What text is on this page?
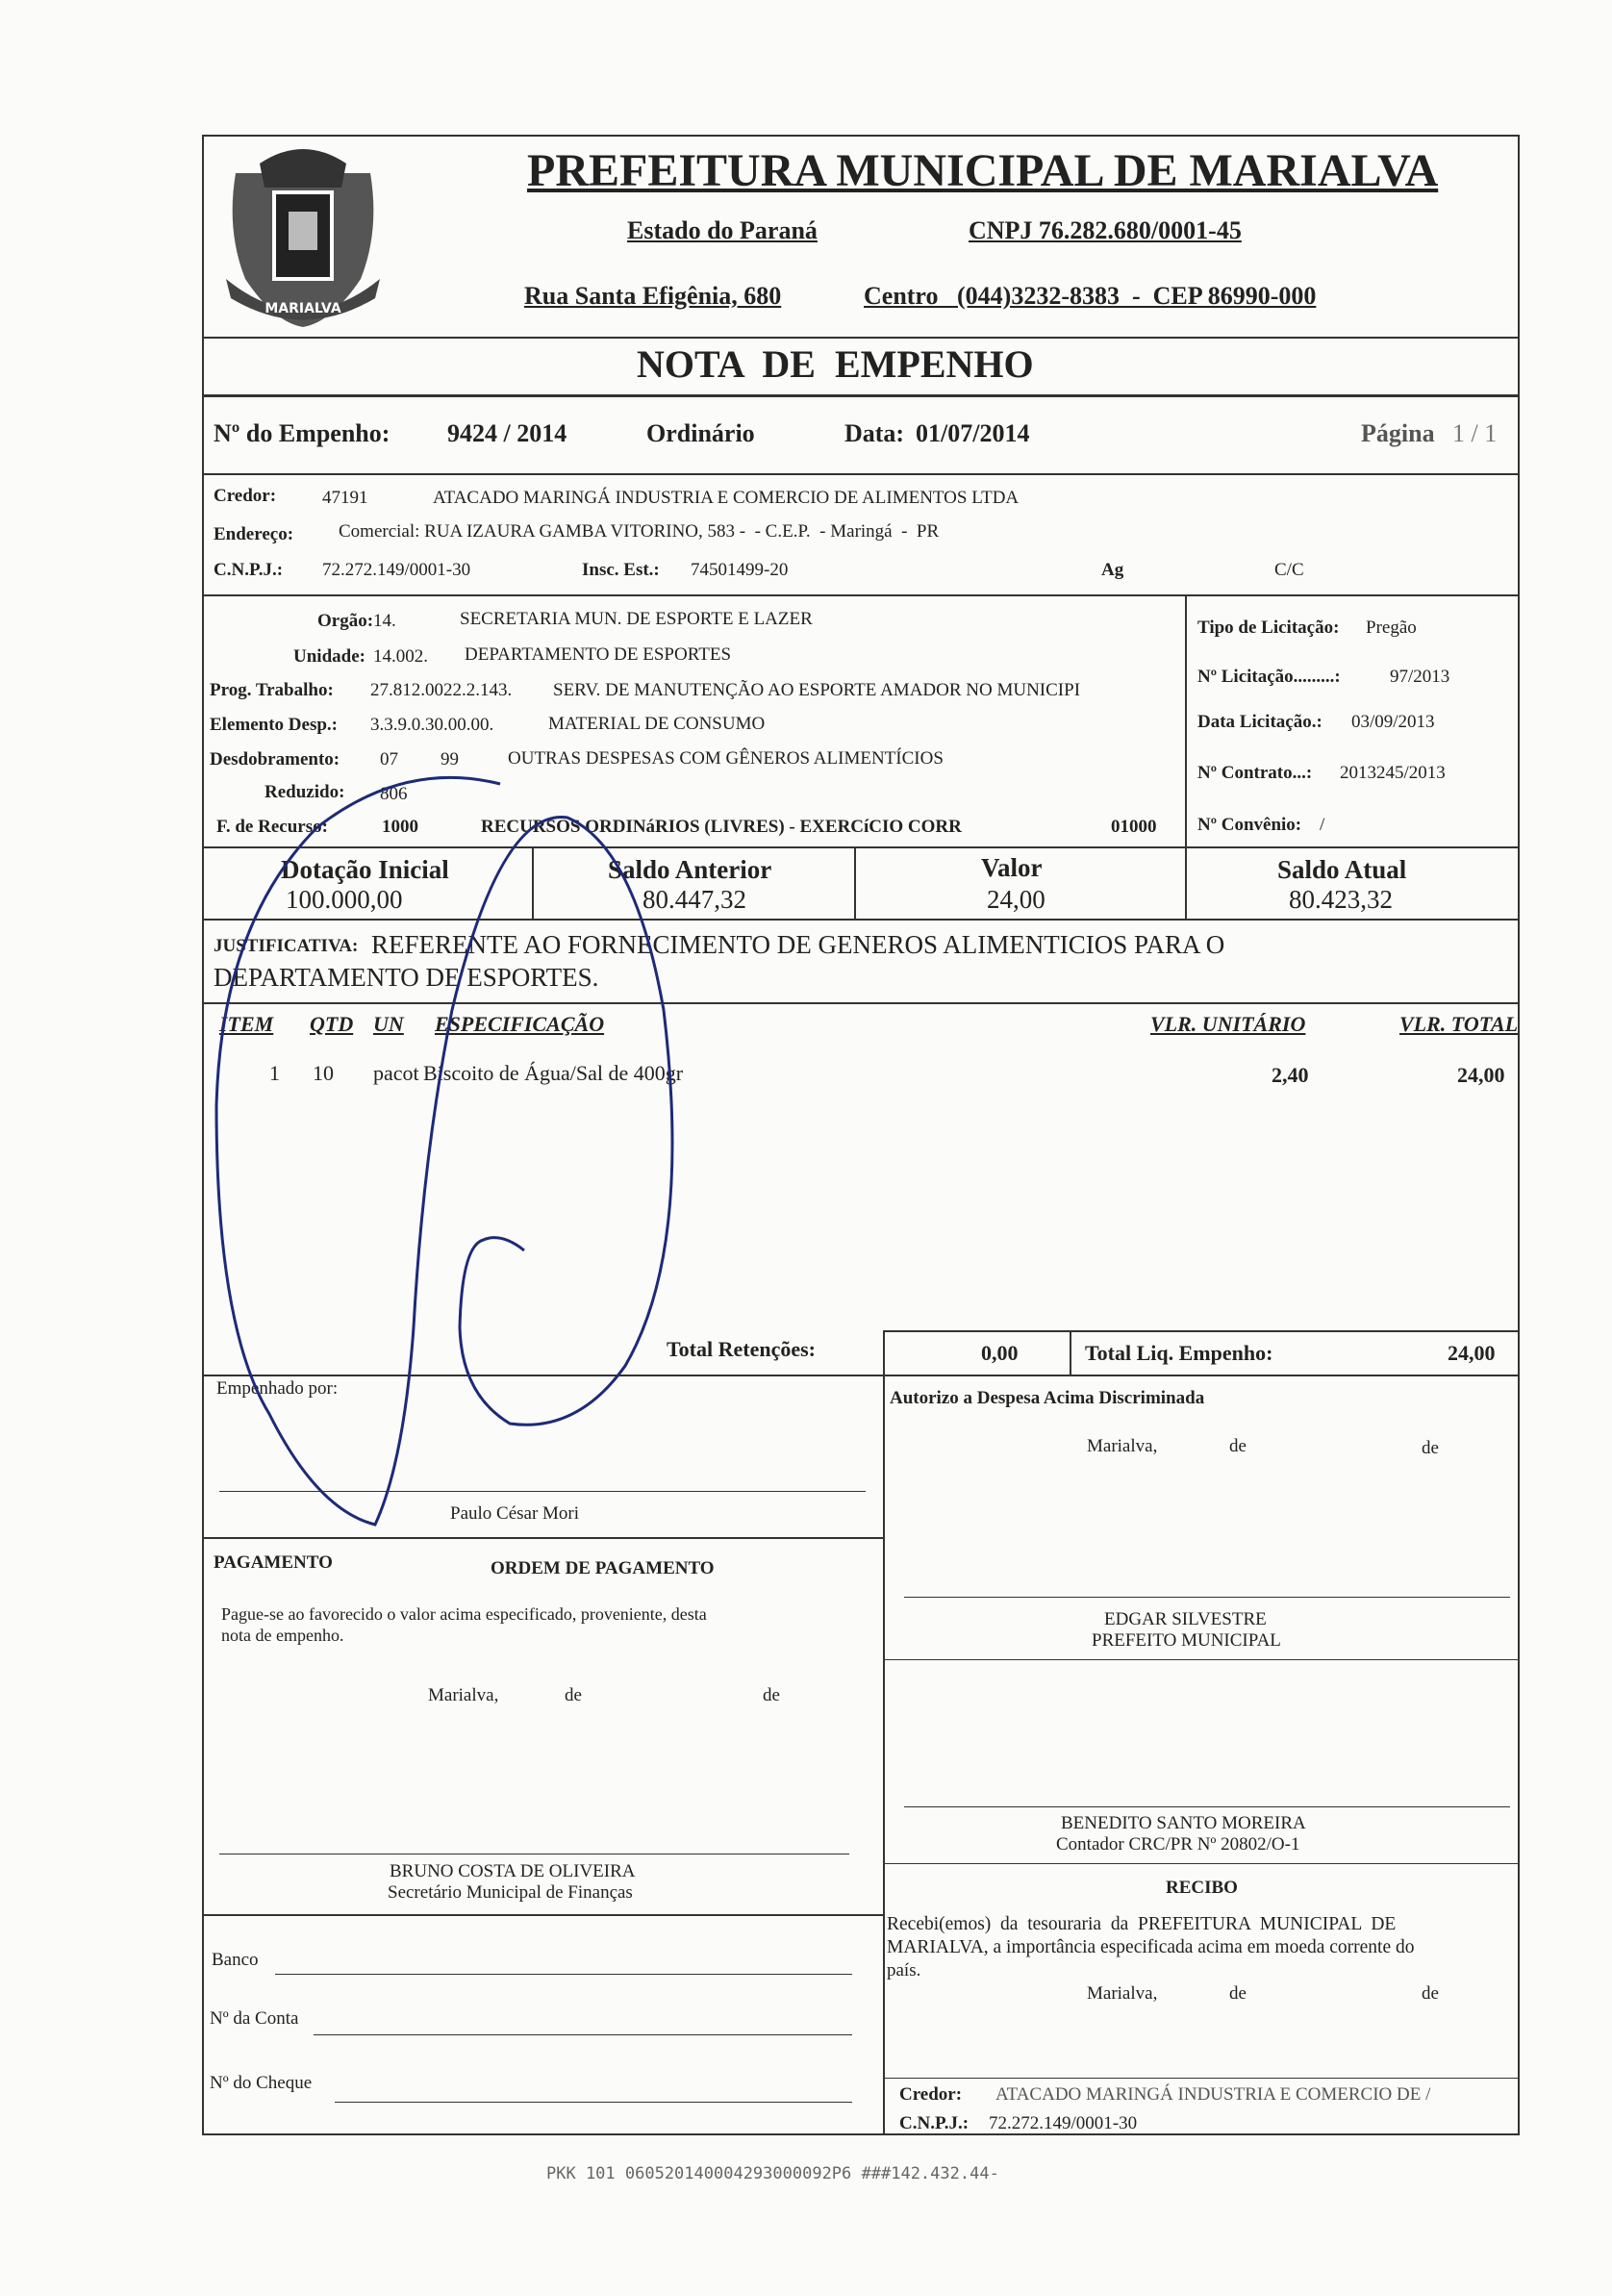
MARIALVA
PREFEITURA MUNICIPAL DE MARIALVA
Estado do Paraná	CNPJ 76.282.680/0001-45
Rua Santa Efigênia, 680	Centro   (044)3232-8383  -  CEP 86990-000
NOTA  DE  EMPENHO
Nº do Empenho: 9424 / 2014	Ordinário	Data: 01/07/2014	Página 1 / 1
Credor:	47191	ATACADO MARINGÁ INDUSTRIA E COMERCIO DE ALIMENTOS LTDA
Endereço: Comercial: RUA IZAURA GAMBA VITORINO, 583 -  - C.E.P.  - Maringá  -  PR
C.N.P.J.: 72.272.149/0001-30	Insc. Est.: 74501499-20	Ag	C/C
Orgão: 14.	SECRETARIA MUN. DE ESPORTE E LAZER
Unidade: 14.002. DEPARTAMENTO DE ESPORTES
Prog. Trabalho: 27.812.0022.2.143. SERV. DE MANUTENÇÃO AO ESPORTE AMADOR NO MUNICIPI
Elemento Desp.: 3.3.9.0.30.00.00.	MATERIAL DE CONSUMO
Desdobramento: 07 99	OUTRAS DESPESAS COM GÊNEROS ALIMENTÍCIOS
Reduzido: 806
F. de Recurso:	1000	RECURSOS ORDINáRIOS (LIVRES) - EXERCíCIO CORR	01000
Tipo de Licitação: Pregão
Nº Licitação.........:	97/2013
Data Licitação.: 03/09/2013
Nº Contrato...: 2013245/2013
Nº Convênio: /
Dotação Inicial
100.000,00
Saldo Anterior
80.447,32
Valor
24,00
Saldo Atual
80.423,32
JUSTIFICATIVA: REFERENTE AO FORNECIMENTO DE GENEROS ALIMENTICIOS PARA O
DEPARTAMENTO DE ESPORTES.
ITEM QTD UN ESPECIFICAÇÃO	VLR. UNITÁRIO	VLR. TOTAL
1 10 pacot Biscoito de Água/Sal de 400gr	2,40	24,00
Total Retenções:	0,00	Total Liq. Empenho:	24,00
Empenhado por:
Paulo César Mori
Autorizo a Despesa Acima Discriminada
Marialva,	de	de
EDGAR SILVESTRE
PREFEITO MUNICIPAL
PAGAMENTO	ORDEM DE PAGAMENTO
Pague-se ao favorecido o valor acima especificado, proveniente, desta
nota de empenho.
Marialva,	de	de
BRUNO COSTA DE OLIVEIRA
Secretário Municipal de Finanças
Banco
Nº da Conta
Nº do Cheque
BENEDITO SANTO MOREIRA
Contador CRC/PR Nº 20802/O-1
RECIBO
Recebi(emos)  da  tesouraria  da  PREFEITURA  MUNICIPAL  DE
MARIALVA, a importância especificada acima em moeda corrente do
país.
Marialva,	de	de
Credor: ATACADO MARINGÁ INDUSTRIA E COMERCIO DE /
C.N.P.J.: 72.272.149/0001-30
PKK 101 060520140004293000092P6 ###142.432.44-
